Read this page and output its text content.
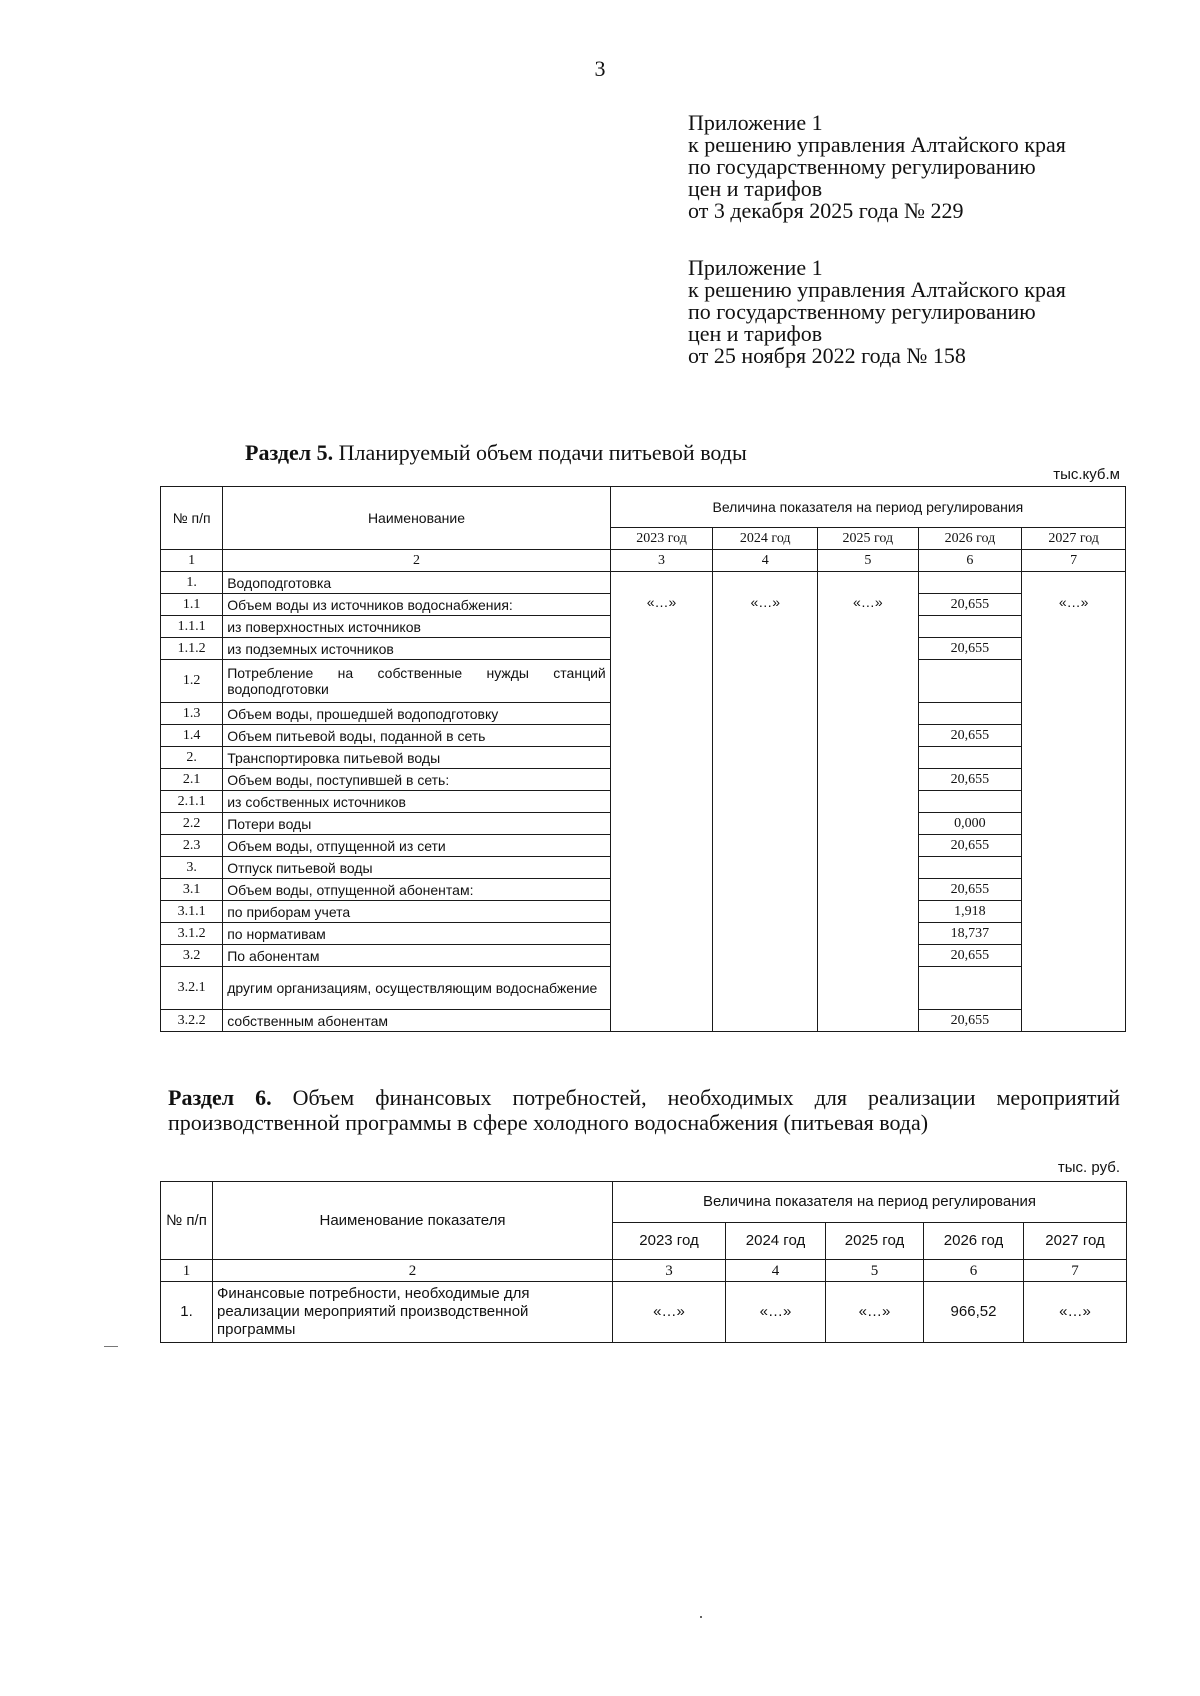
3
Приложение 1
к решению управления Алтайского края
по государственному регулированию
цен и тарифов
от 3 декабря 2025 года № 229
Приложение 1
к решению управления Алтайского края
по государственному регулированию
цен и тарифов
от 25 ноября 2022 года № 158
Раздел 5. Планируемый объем подачи питьевой воды
тыс.куб.м
№ п/п	Наименование	Величина показателя на период регулирования				
		2023 год	2024 год	2025 год	2026 год	2027 год
1	2	3	4	5	6	7
1.	Водоподготовка					
1.1	Объем воды из источников водоснабжения:	«…»	«…»	«…»	20,655	«…»
1.1.1	из поверхностных источников					
1.1.2	из подземных источников				20,655	
1.2	Потребление на собственные нужды станций водоподготовки					
1.3	Объем воды, прошедшей водоподготовку					
1.4	Объем питьевой воды, поданной в сеть				20,655	
2.	Транспортировка питьевой воды					
2.1	Объем воды, поступившей в сеть:				20,655	
2.1.1	из собственных источников					
2.2	Потери воды				0,000	
2.3	Объем воды, отпущенной из сети				20,655	
3.	Отпуск питьевой воды					
3.1	Объем воды, отпущенной абонентам:				20,655	
3.1.1	по приборам учета				1,918	
3.1.2	по нормативам				18,737	
3.2	По абонентам				20,655	
3.2.1	другим организациям, осуществляющим водоснабжение					
3.2.2	собственным абонентам				20,655	
Раздел 6. Объем финансовых потребностей, необходимых для реализации мероприятий производственной программы в сфере холодного водоснабжения (питьевая вода)
тыс. руб.
№ п/п	Наименование показателя	Величина показателя на период регулирования				
		2023 год	2024 год	2025 год	2026 год	2027 год
1	2	3	4	5	6	7
1.	Финансовые потребности, необходимые для реализации мероприятий производственной программы	«…»	«…»	«…»	966,52	«…»
